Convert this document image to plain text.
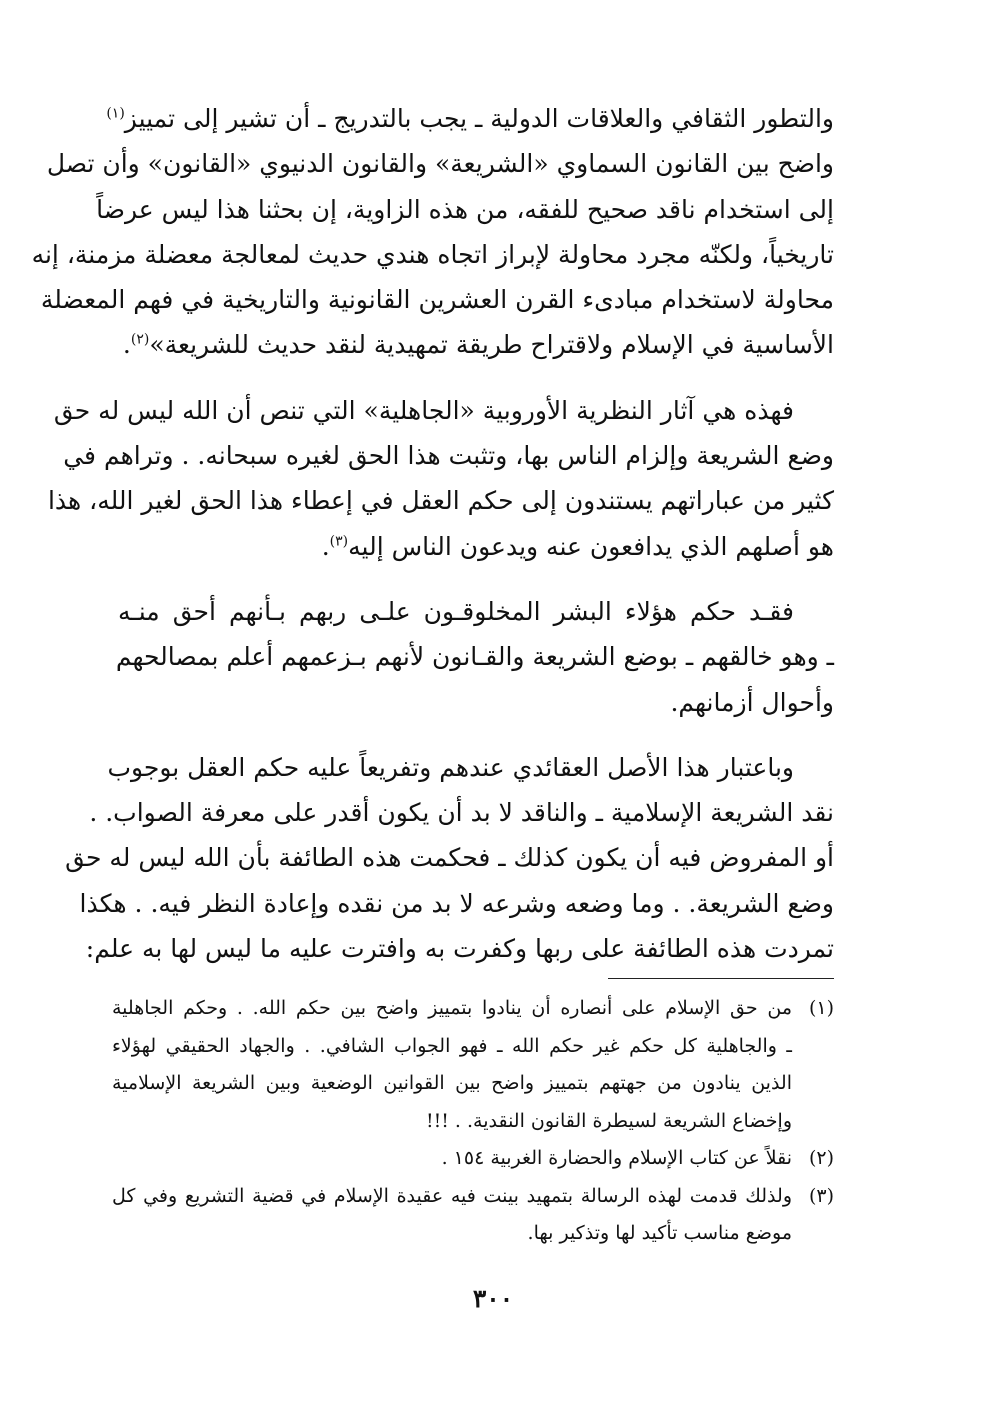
والتطور الثقافي والعلاقات الدولية ـ يجب بالتدريج ـ أن تشير إلى تمييز$^{(١)}$
واضح بين القانون السماوي «الشريعة» والقانون الدنيوي «القانون» وأن تصل
إلى استخدام ناقد صحيح للفقه، من هذه الزاوية، إن بحثنا هذا ليس عرضاً
تاريخياً، ولكنّه مجرد محاولة لإبراز اتجاه هندي حديث لمعالجة معضلة مزمنة، إنه
محاولة لاستخدام مبادىء القرن العشرين القانونية والتاريخية في فهم المعضلة
الأساسية في الإسلام ولاقتراح طريقة تمهيدية لنقد حديث للشريعة»$^{(٢)}$.
فهذه هي آثار النظرية الأوروبية «الجاهلية» التي تنص أن الله ليس له حق
وضع الشريعة وإلزام الناس بها، وتثبت هذا الحق لغيره سبحانه. . وتراهم في
كثير من عباراتهم يستندون إلى حكم العقل في إعطاء هذا الحق لغير الله، هذا
هو أصلهم الذي يدافعون عنه ويدعون الناس إليه$^{(٣)}$.
فقـد حكم هؤلاء البشر المخلوقـون علـى ربهم بـأنهم أحق منـه
ـ وهو خالقهم ـ بوضع الشريعة والقـانون لأنهم بـزعمهم أعلم بمصالحهم
وأحوال أزمانهم.
وباعتبار هذا الأصل العقائدي عندهم وتفريعاً عليه حكم العقل بوجوب
نقد الشريعة الإسلامية ـ والناقد لا بد أن يكون أقدر على معرفة الصواب. .
أو المفروض فيه أن يكون كذلك ـ فحكمت هذه الطائفة بأن الله ليس له حق
وضع الشريعة. . وما وضعه وشرعه لا بد من نقده وإعادة النظر فيه. . هكذا
تمردت هذه الطائفة على ربها وكفرت به وافترت عليه ما ليس لها به علم:
(١)
من حق الإسلام على أنصاره أن ينادوا بتمييز واضح بين حكم الله. . وحكم الجاهلية
ـ والجاهلية كل حكم غير حكم الله ـ فهو الجواب الشافي. . والجهاد الحقيقي لهؤلاء
الذين ينادون من جهتهم بتمييز واضح بين القوانين الوضعية وبين الشريعة الإسلامية
وإخضاع الشريعة لسيطرة القانون النقدية. . !!!
(٢)
نقلاً عن كتاب الإسلام والحضارة الغربية ١٥٤ .
(٣)
ولذلك قدمت لهذه الرسالة بتمهيد بينت فيه عقيدة الإسلام في قضية التشريع وفي كل
موضع مناسب تأكيد لها وتذكير بها.
٣٠٠
